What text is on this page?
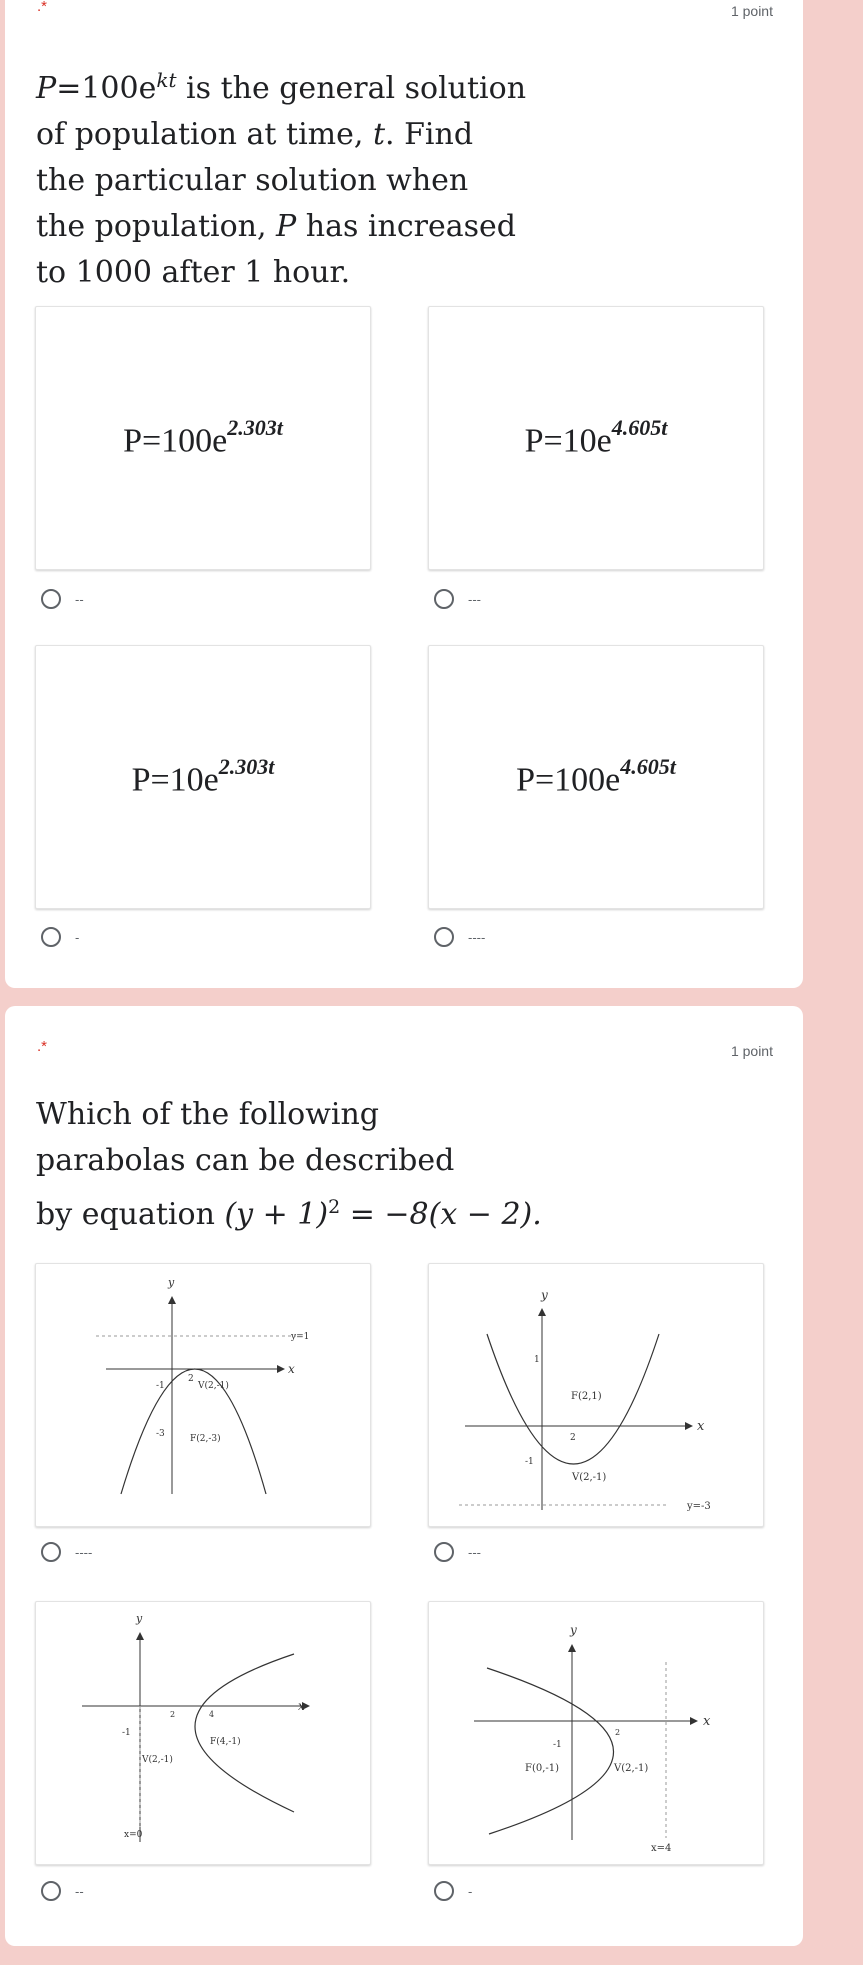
.*	1 point

$P=100e^{kt}$ is the general solution

of population at time, t. Find

the particular solution when

the population, P has increased

to 1000 after 1 hour.

$P=100e^{2.303t}$	$P=10e^{4.605t}$
--	---
$P=10e^{2.303t}$	$P=100e^{4.605t}$
-	----
.*	1 point

Which of the following

parabolas can be described

by equation $(y + 1)^2 = -8(x - 2)$.

y
x
y=1
-1
2
V(2,-1)
-3	F(2,-3)
y
x
y=-3
1
2
-1
V(2,-1)
F(2,1)
----	---
y
x
x=0
2	4
-1
V(2,-1)
F(4,-1)
y
x
x=4
2
-1
V(2,-1)
F(0,-1)
--	-
